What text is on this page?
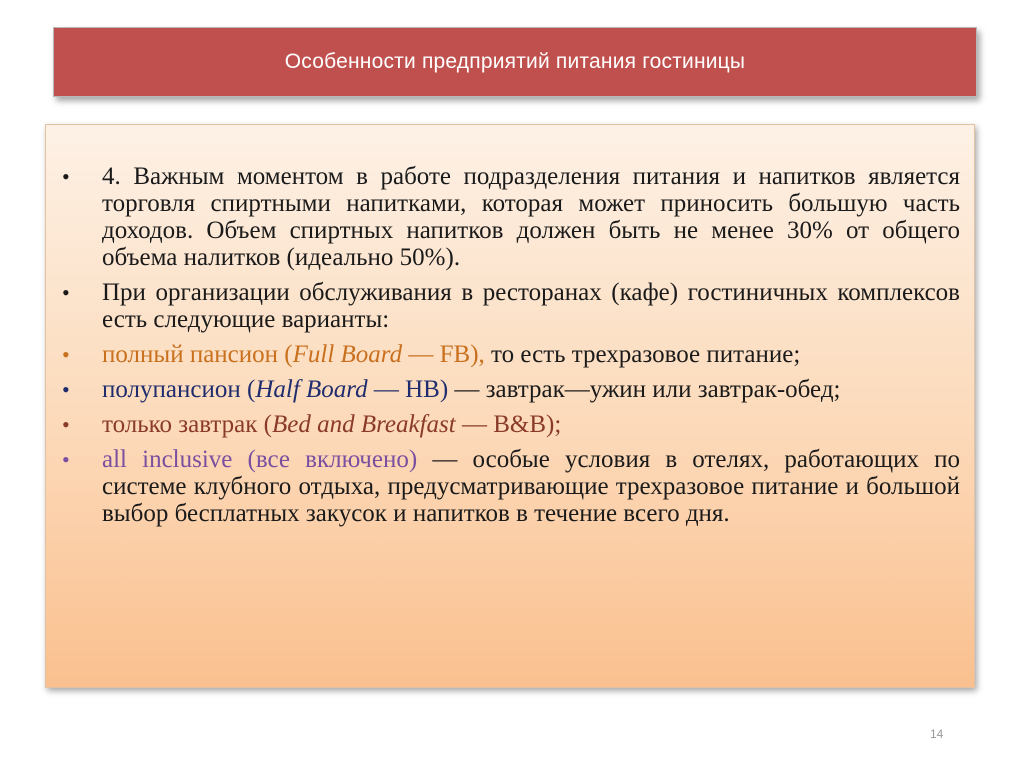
Особенности предприятий питания гостиницы
• 4. Важным моментом в работе подразделения питания и напитков является торговля спиртными напитками, которая может приносить большую часть доходов. Объем спиртных напитков должен быть не менее 30% от общего объема налитков (идеально 50%).
• При организации обслуживания в ресторанах (кафе) гостиничных комплексов есть следующие варианты:
• полный пансион (Full Board — FB), то есть трехразовое питание;
• полупансион (Half Board — HB) — завтрак—ужин или завтрак-обед;
• только завтрак (Bed and Breakfast — B&B);
• all inclusive (все включено) — особые условия в отелях, работающих по системе клубного отдыха, предусматривающие трехразовое питание и большой выбор бесплатных закусок и напитков в течение всего дня.
14
